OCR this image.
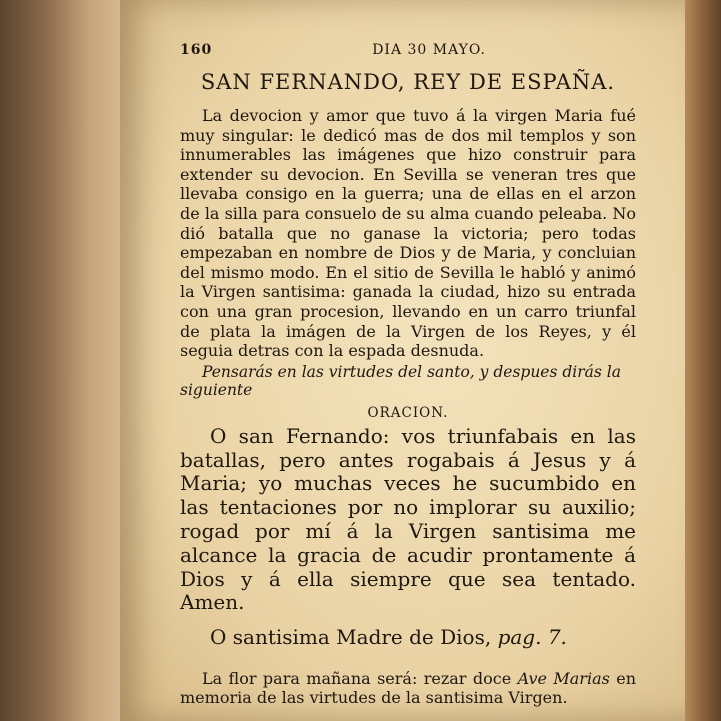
160	DIA 30 MAYO.
SAN FERNANDO, REY DE ESPAÑA.

La devocion y amor que tuvo á la virgen Maria fué muy singular: le dedicó mas de dos mil templos y son innumerables las imágenes que hizo construir para extender su devocion. En Sevilla se veneran tres que llevaba consigo en la guerra; una de ellas en el arzon de la silla para consuelo de su alma cuando peleaba. No dió batalla que no ganase la victoria; pero todas empezaban en nombre de Dios y de Maria, y concluian del mismo modo. En el sitio de Sevilla le habló y animó la Virgen santisima: ganada la ciudad, hizo su entrada con una gran procesion, llevando en un carro triunfal de plata la imágen de la Virgen de los Reyes, y él seguia detras con la espada desnuda.

Pensarás en las virtudes del santo, y despues dirás la siguiente

ORACION.

O san Fernando: vos triunfabais en las batallas, pero antes rogabais á Jesus y á Maria; yo muchas veces he sucumbido en las tentaciones por no implorar su auxilio; rogad por mí á la Virgen santisima me alcance la gracia de acudir prontamente á Dios y á ella siempre que sea tentado. Amen.

O santisima Madre de Dios, pag. 7.

La flor para mañana será: rezar doce Ave Marias en memoria de las virtudes de la santisima Virgen.
